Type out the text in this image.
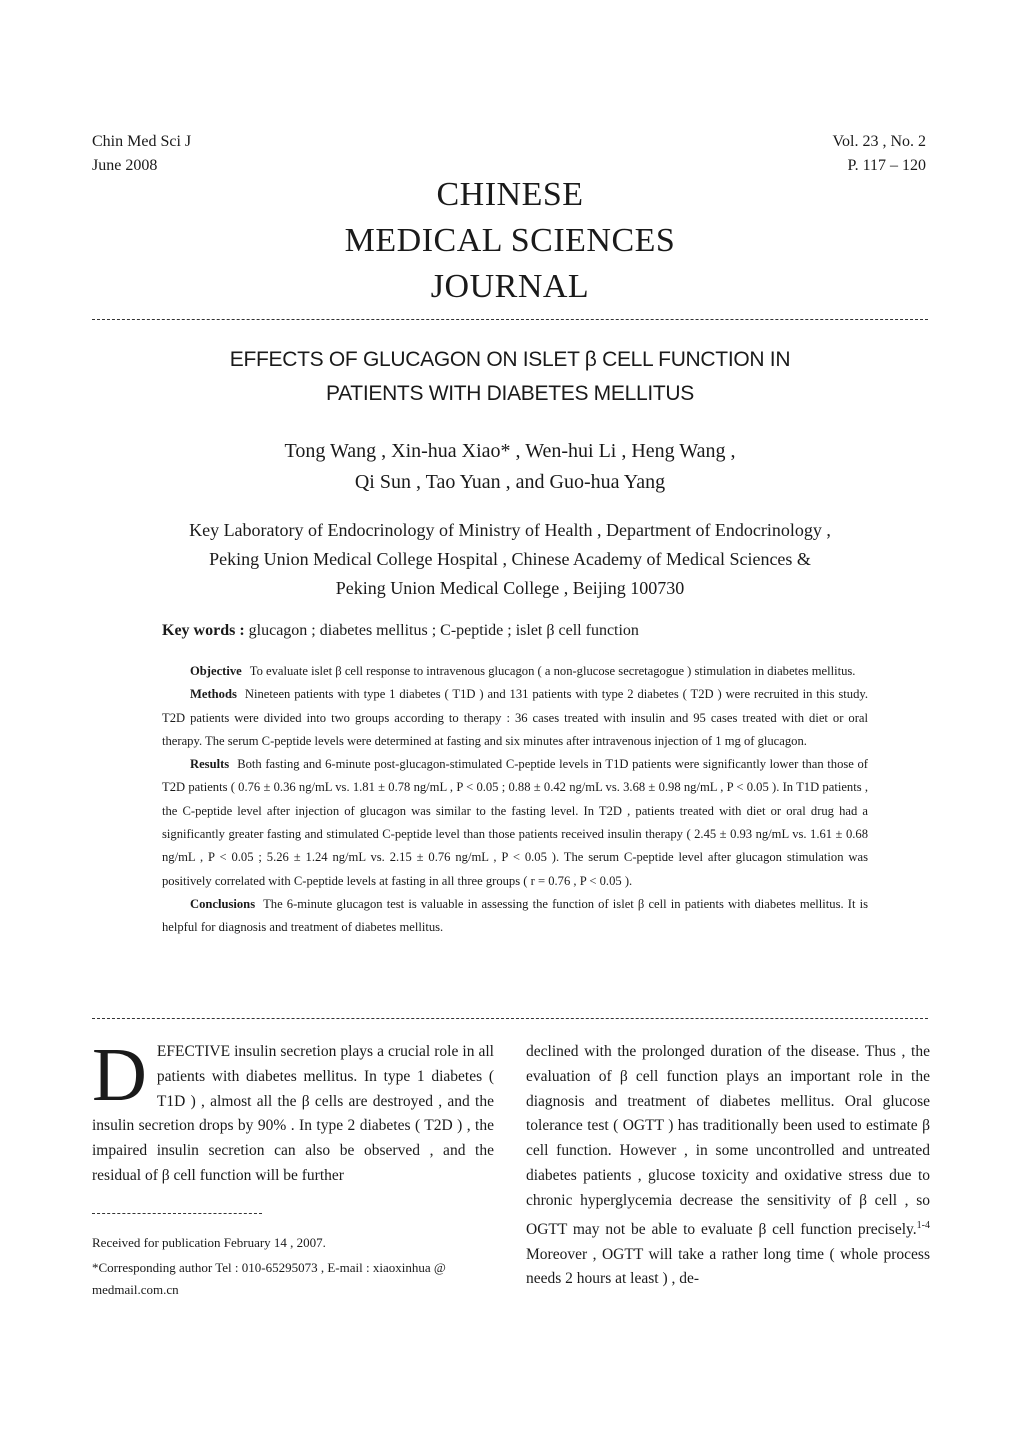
Chin Med Sci J
June 2008
Vol. 23 , No. 2
P. 117 – 120
CHINESE
MEDICAL SCIENCES
JOURNAL
EFFECTS OF GLUCAGON ON ISLET β CELL FUNCTION IN
PATIENTS WITH DIABETES MELLITUS
Tong Wang , Xin-hua Xiao* , Wen-hui Li , Heng Wang ,
Qi Sun , Tao Yuan , and Guo-hua Yang
Key Laboratory of Endocrinology of Ministry of Health , Department of Endocrinology ,
Peking Union Medical College Hospital , Chinese Academy of Medical Sciences &
Peking Union Medical College , Beijing 100730
Key words : glucagon ; diabetes mellitus ; C-peptide ; islet β cell function

Objective To evaluate islet β cell response to intravenous glucagon ( a non-glucose secretagogue ) stimulation in diabetes mellitus.

Methods Nineteen patients with type 1 diabetes ( T1D ) and 131 patients with type 2 diabetes ( T2D ) were recruited in this study. T2D patients were divided into two groups according to therapy : 36 cases treated with insulin and 95 cases treated with diet or oral therapy. The serum C-peptide levels were determined at fasting and six minutes after intravenous injection of 1 mg of glucagon.

Results Both fasting and 6-minute post-glucagon-stimulated C-peptide levels in T1D patients were significantly lower than those of T2D patients ( 0.76 ± 0.36 ng/mL vs. 1.81 ± 0.78 ng/mL , P < 0.05 ; 0.88 ± 0.42 ng/mL vs. 3.68 ± 0.98 ng/mL , P < 0.05 ). In T1D patients , the C-peptide level after injection of glucagon was similar to the fasting level. In T2D , patients treated with diet or oral drug had a significantly greater fasting and stimulated C-peptide level than those patients received insulin therapy ( 2.45 ± 0.93 ng/mL vs. 1.61 ± 0.68 ng/mL , P < 0.05 ; 5.26 ± 1.24 ng/mL vs. 2.15 ± 0.76 ng/mL , P < 0.05 ). The serum C-peptide level after glucagon stimulation was positively correlated with C-peptide levels at fasting in all three groups ( r = 0.76 , P < 0.05 ).

Conclusions The 6-minute glucagon test is valuable in assessing the function of islet β cell in patients with diabetes mellitus. It is helpful for diagnosis and treatment of diabetes mellitus.

DEFECTIVE insulin secretion plays a crucial role in all patients with diabetes mellitus. In type 1 diabetes ( T1D ) , almost all the β cells are destroyed , and the insulin secretion drops by 90% . In type 2 diabetes ( T2D ) , the impaired insulin secretion can also be observed , and the residual of β cell function will be further

Received for publication February 14 , 2007.
*Corresponding author Tel : 010-65295073 , E-mail : xiaoxinhua @ medmail.com.cn

declined with the prolonged duration of the disease. Thus , the evaluation of β cell function plays an important role in the diagnosis and treatment of diabetes mellitus. Oral glucose tolerance test ( OGTT ) has traditionally been used to estimate β cell function. However , in some uncontrolled and untreated diabetes patients , glucose toxicity and oxidative stress due to chronic hyperglycemia decrease the sensitivity of β cell , so OGTT may not be able to evaluate β cell function precisely.$^{1-4}$ Moreover , OGTT will take a rather long time ( whole process needs 2 hours at least ) , de-
